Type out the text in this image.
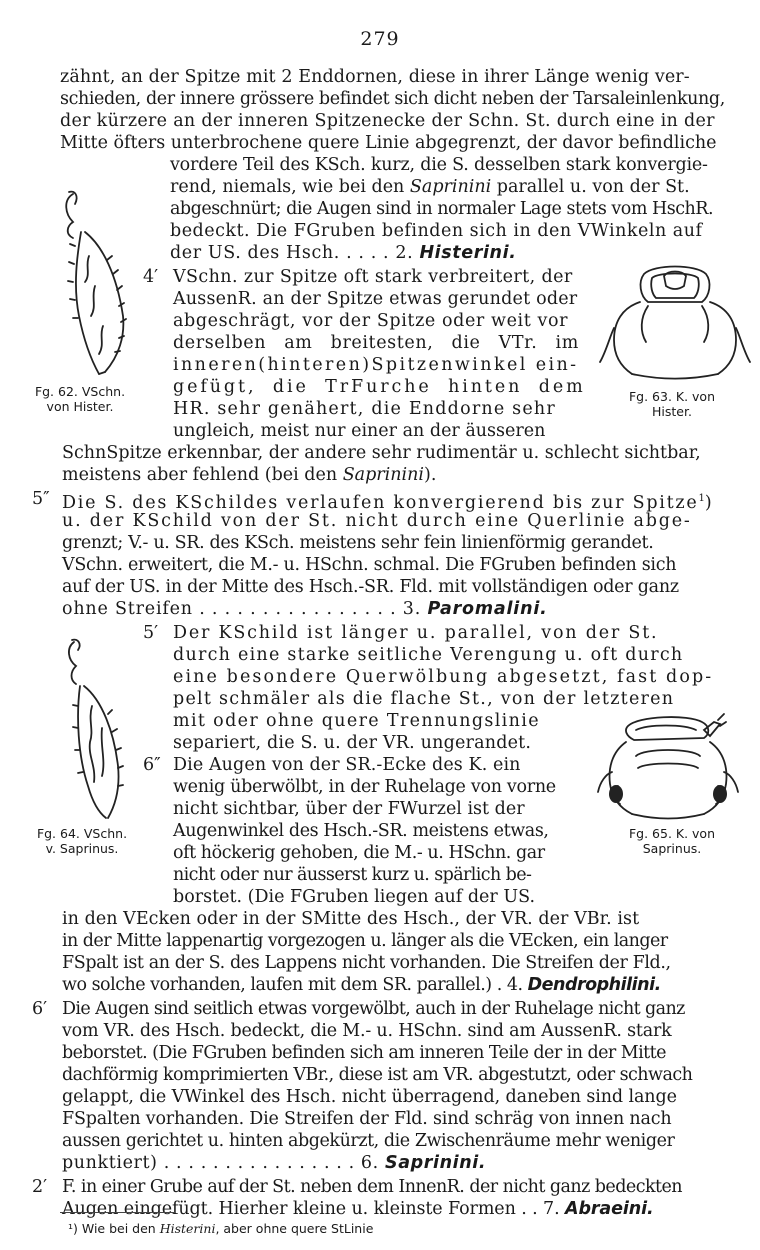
279
zähnt, an der Spitze mit 2 Enddornen, diese in ihrer Länge wenig ver-
schieden, der innere grössere befindet sich dicht neben der Tarsaleinlenkung,
der kürzere an der inneren Spitzenecke der Schn. St. durch eine in der
Mitte öfters unterbrochene quere Linie abgegrenzt, der davor befindliche
vordere Teil des KSch. kurz, die S. desselben stark konvergie-
rend, niemals, wie bei den Saprinini parallel u. von der St.
abgeschnürt; die Augen sind in normaler Lage stets vom HschR.
bedeckt. Die FGruben befinden sich in den VWinkeln auf
der US. des Hsch. . . . . 2. Histerini.
4′ VSchn. zur Spitze oft stark verbreitert, der
AussenR. an der Spitze etwas gerundet oder
abgeschrägt, vor der Spitze oder weit vor
derselben am breitesten, die VTr. im
inneren(hinteren)Spitzenwinkel ein-
gefügt, die TrFurche hinten dem
HR. sehr genähert, die Enddorne sehr
ungleich, meist nur einer an der äusseren
SchnSpitze erkennbar, der andere sehr rudimentär u. schlecht sichtbar,
meistens aber fehlend (bei den Saprinini).
5″ Die S. des KSchildes verlaufen konvergierend bis zur Spitze$^1$)
u. der KSchild von der St. nicht durch eine Querlinie abge-
grenzt; V.- u. SR. des KSch. meistens sehr fein linienförmig gerandet.
VSchn. erweitert, die M.- u. HSchn. schmal. Die FGruben befinden sich
auf der US. in der Mitte des Hsch.-SR. Fld. mit vollständigen oder ganz
ohne Streifen . . . . . . . . . . . . . . . . 3. Paromalini.
5′ Der KSchild ist länger u. parallel, von der St.
durch eine starke seitliche Verengung u. oft durch
eine besondere Querwölbung abgesetzt, fast dop-
pelt schmäler als die flache St., von der letzteren
mit oder ohne quere Trennungslinie
separiert, die S. u. der VR. ungerandet.
6″ Die Augen von der SR.-Ecke des K. ein
wenig überwölbt, in der Ruhelage von vorne
nicht sichtbar, über der FWurzel ist der
Augenwinkel des Hsch.-SR. meistens etwas,
oft höckerig gehoben, die M.- u. HSchn. gar
nicht oder nur äusserst kurz u. spärlich be-
borstet. (Die FGruben liegen auf der US.
in den VEcken oder in der SMitte des Hsch., der VR. der VBr. ist
in der Mitte lappenartig vorgezogen u. länger als die VEcken, ein langer
FSpalt ist an der S. des Lappens nicht vorhanden. Die Streifen der Fld.,
wo solche vorhanden, laufen mit dem SR. parallel.) . 4. Dendrophilini.
6′ Die Augen sind seitlich etwas vorgewölbt, auch in der Ruhelage nicht ganz
vom VR. des Hsch. bedeckt, die M.- u. HSchn. sind am AussenR. stark
beborstet. (Die FGruben befinden sich am inneren Teile der in der Mitte
dachförmig komprimierten VBr., diese ist am VR. abgestutzt, oder schwach
gelappt, die VWinkel des Hsch. nicht überragend, daneben sind lange
FSpalten vorhanden. Die Streifen der Fld. sind schräg von innen nach
aussen gerichtet u. hinten abgekürzt, die Zwischenräume mehr weniger
punktiert) . . . . . . . . . . . . . . . . 6. Saprinini.
2′ F. in einer Grube auf der St. neben dem InnenR. der nicht ganz bedeckten
Augen eingefügt. Hierher kleine u. kleinste Formen . . 7. Abraeini.
Fg. 62. VSchn.
von Hister.
Fg. 63. K. von
Hister.
Fg. 64. VSchn.
v. Saprinus.
Fg. 65. K. von
Saprinus.
¹) Wie bei den Histerini, aber ohne quere StLinie
